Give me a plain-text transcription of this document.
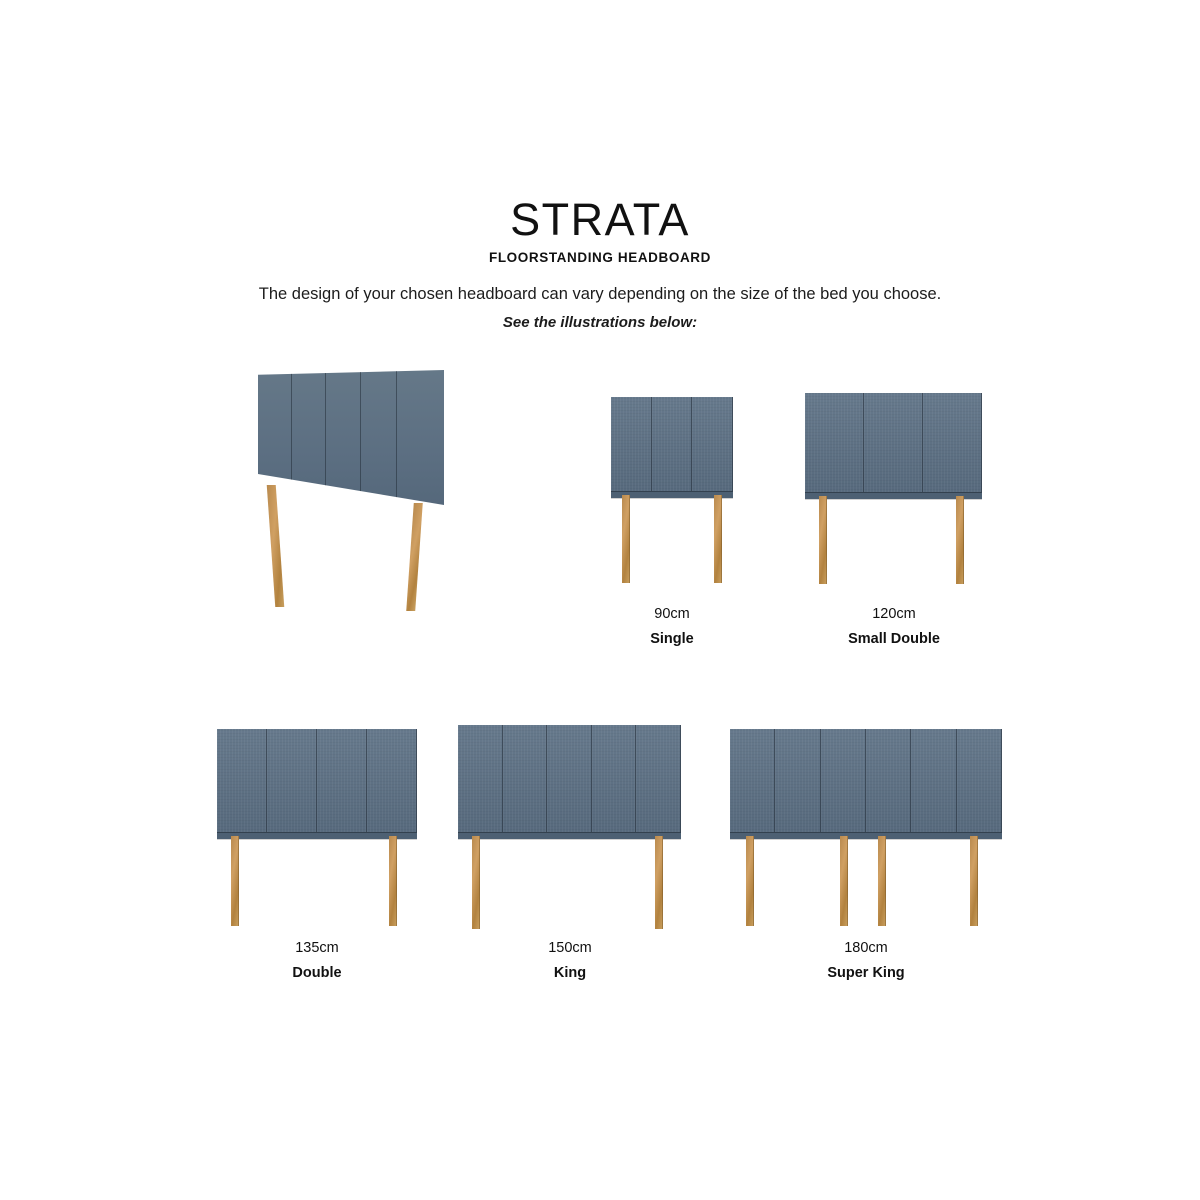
STRATA
FLOORSTANDING HEADBOARD
The design of your chosen headboard can vary depending on the size of the bed you choose.
See the illustrations below:
90cm
Single
120cm
Small Double
135cm
Double
150cm
King
180cm
Super King
